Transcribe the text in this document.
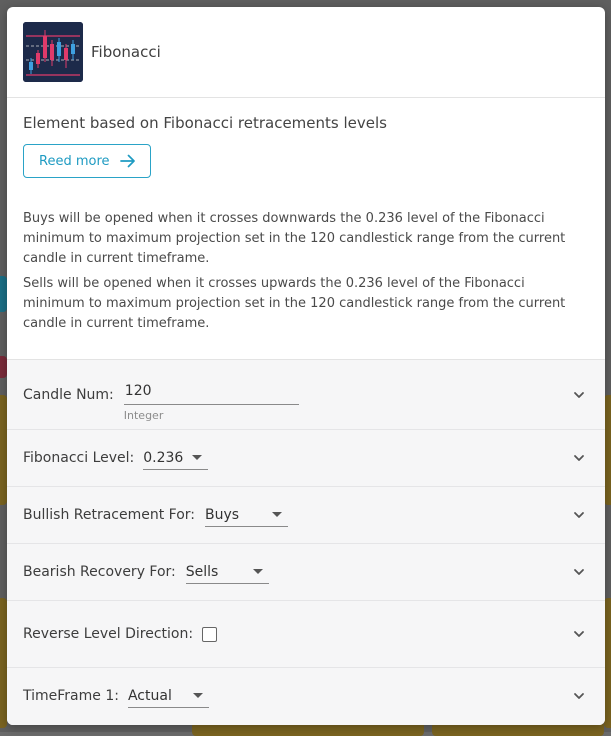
Fibonacci

Element based on Fibonacci retracements levels

Reed more

Buys will be opened when it crosses downwards the 0.236 level of the Fibonacci minimum to maximum projection set in the 120 candlestick range from the current candle in current timeframe.

Sells will be opened when it crosses upwards the 0.236 level of the Fibonacci minimum to maximum projection set in the 120 candlestick range from the current candle in current timeframe.

Candle Num: 120
Integer
Fibonacci Level: 0.236
Bullish Retracement For: Buys
Bearish Recovery For: Sells
Reverse Level Direction:
TimeFrame 1: Actual
